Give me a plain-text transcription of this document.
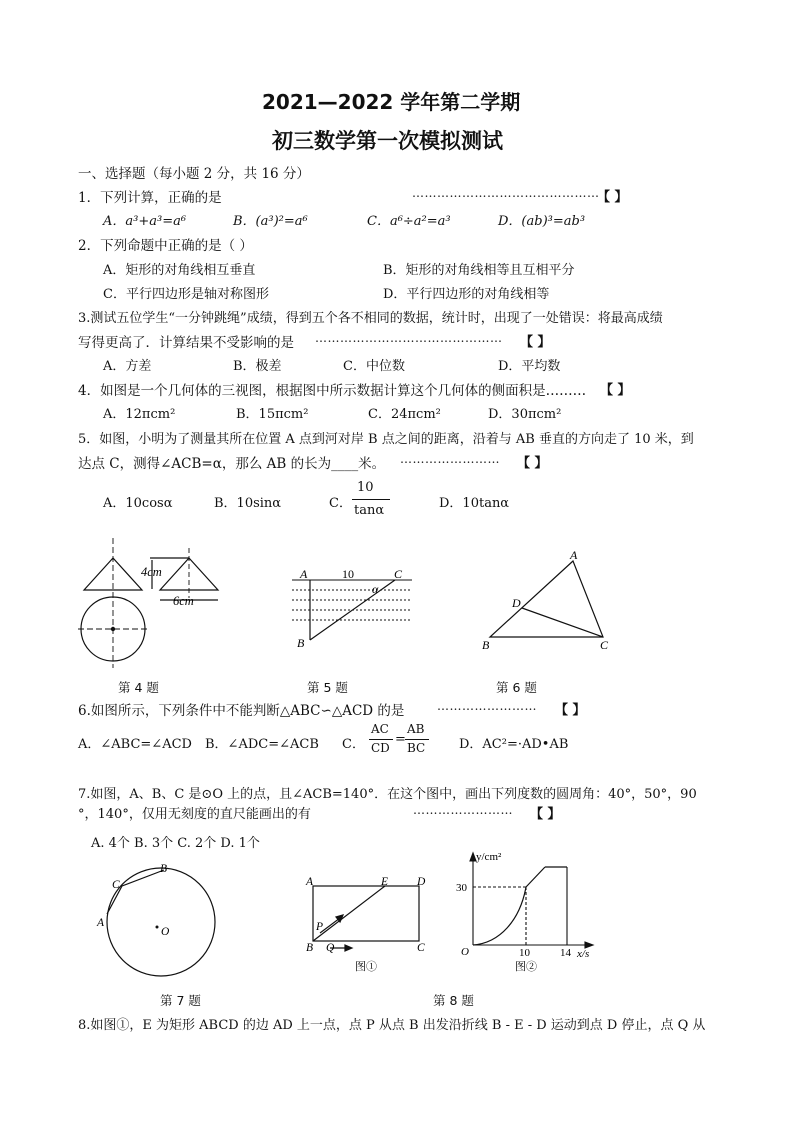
2021—2022 学年第二学期
初三数学第一次模拟测试
一、选择题（每小题 2 分，共 16 分）
1．下列计算，正确的是	………………………………………
【 】
A．a³+a³=a⁶	B．(a³)²=a⁶	C．a⁶÷a²=a³	D．(ab)³=ab³
2．下列命题中正确的是（ ）
A．矩形的对角线相互垂直	B．矩形的对角线相等且互相平分
C．平行四边形是轴对称图形	D．平行四边形的对角线相等
3.测试五位学生“一分钟跳绳”成绩，得到五个各不相同的数据，统计时，出现了一处错误：将最高成绩
写得更高了．计算结果不受影响的是 ……………………………………… 【 】
A．方差	B．极差	C．中位数	D．平均数
4．如图是一个几何体的三视图，根据图中所示数据计算这个几何体的侧面积是……… 【 】
A．12πcm²	B．15πcm²	C．24πcm²	D．30πcm²
5．如图，小明为了测量其所在位置 A 点到河对岸 B 点之间的距离，沿着与 AB 垂直的方向走了 10 米，到
达点 C，测得∠ACB=α，那么 AB 的长为____米。 …………………… 【 】
A．10cosα	B．10sinα	C．
10
tanα	D．10tanα
4cm
6cm
A	10	C
α
B
A
D
B	C
第 4 题	第 5 题	第 6 题
6.如图所示，下列条件中不能判断△ABC∽△ACD 的是	…………………… 【 】
A．∠ABC=∠ACD B．∠ADC=∠ACB C．
AC
CD
=
AB
BC	D．AC²=·AD•AB
7.如图，A、B、C 是⊙O 上的点，且∠ACB=140°．在这个图中，画出下列度数的圆周角：40°，50°，90
°，140°，仅用无刻度的直尺能画出的有	…………………… 【 】
A. 4个 B. 3个 C. 2个 D. 1个
A
B
C
O
A	E	D
P
B Q	C
图①
y/cm²
x/s
O
30
10	14
图②
第 7 题	第 8 题
8.如图①，E 为矩形 ABCD 的边 AD 上一点，点 P 从点 B 出发沿折线 B - E - D 运动到点 D 停止，点 Q 从
